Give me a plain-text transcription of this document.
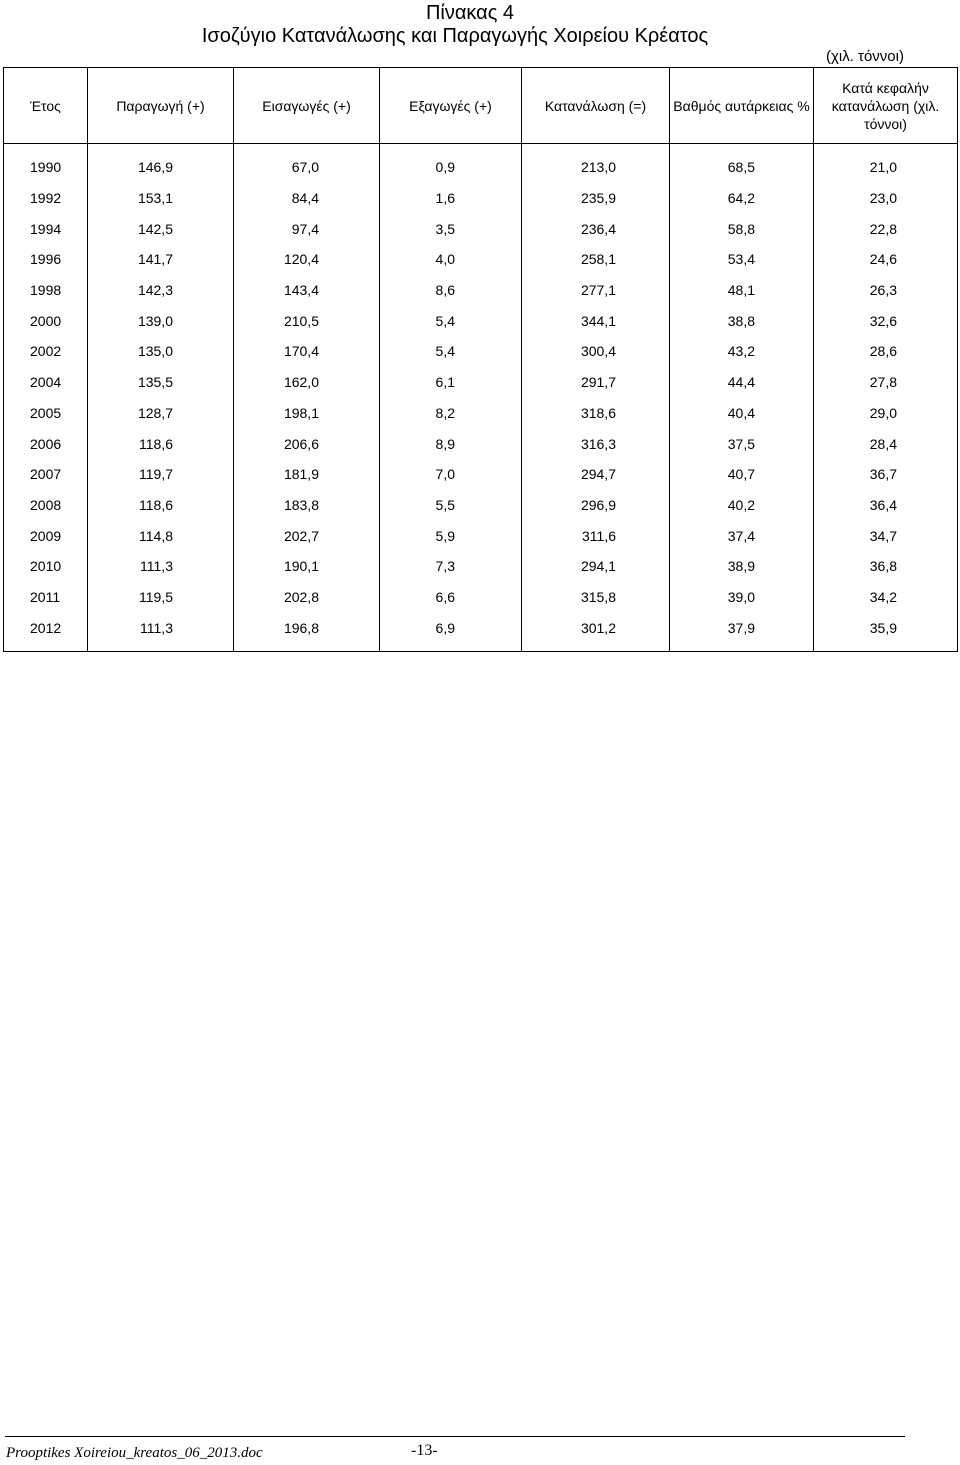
Πίνακας 4
Ισοζύγιο Κατανάλωσης και Παραγωγής Χοιρείου Κρέατος
(χιλ. τόννοι)
Έτος	Παραγωγή (+)	Εισαγωγές (+)	Εξαγωγές (+)	Κατανάλωση (=)	Βαθμός αυτάρκειας %	Κατά κεφαλήν κατανάλωση (χιλ. τόννοι)
1990	146,9	67,0	0,9	213,0	68,5	21,0
1992	153,1	84,4	1,6	235,9	64,2	23,0
1994	142,5	97,4	3,5	236,4	58,8	22,8
1996	141,7	120,4	4,0	258,1	53,4	24,6
1998	142,3	143,4	8,6	277,1	48,1	26,3
2000	139,0	210,5	5,4	344,1	38,8	32,6
2002	135,0	170,4	5,4	300,4	43,2	28,6
2004	135,5	162,0	6,1	291,7	44,4	27,8
2005	128,7	198,1	8,2	318,6	40,4	29,0
2006	118,6	206,6	8,9	316,3	37,5	28,4
2007	119,7	181,9	7,0	294,7	40,7	36,7
2008	118,6	183,8	5,5	296,9	40,2	36,4
2009	114,8	202,7	5,9	311,6	37,4	34,7
2010	111,3	190,1	7,3	294,1	38,9	36,8
2011	119,5	202,8	6,6	315,8	39,0	34,2
2012	111,3	196,8	6,9	301,2	37,9	35,9
Prooptikes Xoireiou_kreatos_06_2013.doc	-13-
